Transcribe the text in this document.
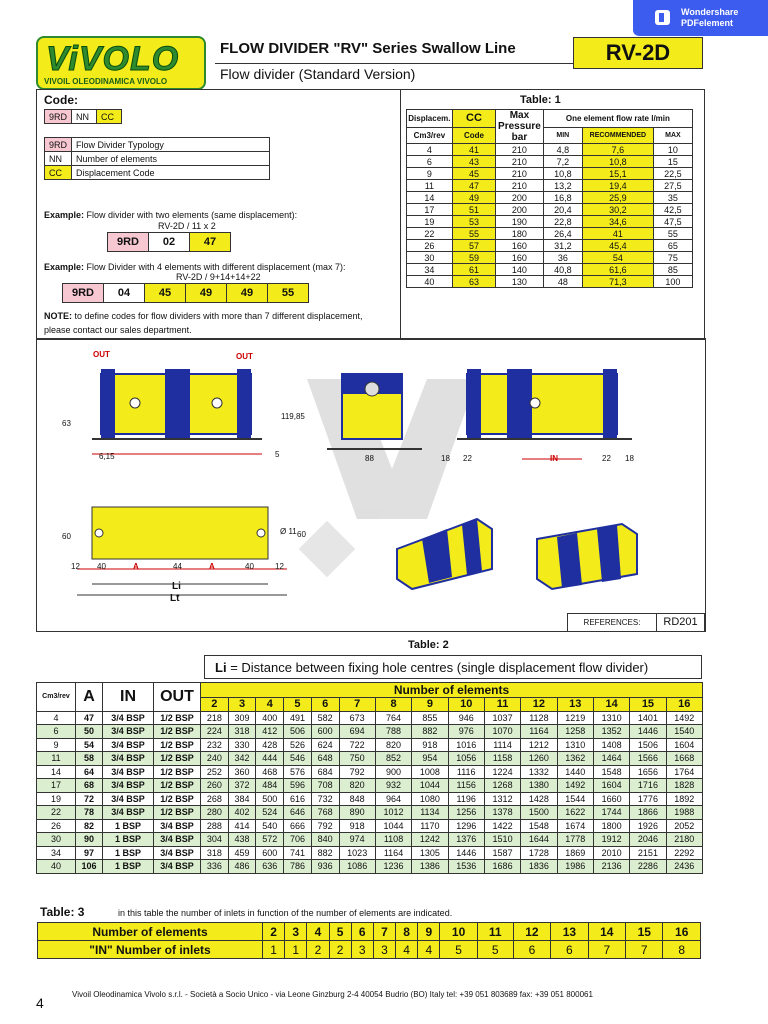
Wondershare
PDFelement
ViVOLO
VIVOIL OLEODINAMICA VIVOLO
FLOW DIVIDER "RV" Series Swallow Line
Flow divider (Standard Version)
RV-2D
Code:
9RD	NN	CC
9RD	Flow Divider Typology
NN	Number of elements
CC	Displacement Code
Example: Flow divider with two elements (same displacement):
RV-2D / 11 x 2
9RD	02	47
Example: Flow Divider with 4 elements with different displacement (max 7):
RV-2D / 9+14+14+22
9RD	04	45	49	49	55
NOTE: to define codes for flow dividers with more than 7 different displacement, please contact our sales department.
Table: 1
Displacem.	CC	Max Pressure bar	One element flow rate l/min		
Cm3/rev	Code		MIN	RECOMMENDED	MAX
4	41	210	4,8	7,6	10
6	43	210	7,2	10,8	15
9	45	210	10,8	15,1	22,5
11	47	210	13,2	19,4	27,5
14	49	200	16,8	25,9	35
17	51	200	20,4	30,2	42,5
19	53	190	22,8	34,6	47,5
22	55	180	26,4	41	55
26	57	160	31,2	45,4	65
30	59	160	36	54	75
34	61	140	40,8	61,6	85
40	63	130	48	71,3	100
OUT	OUT
IN
63
119,85
6,15	5	88	18 22	22 18
60
Ø 11 60
12 40	A	44	A	40	12
Li
Lt
REFERENCES:	RD201
Table: 2
Li = Distance between fixing hole centres (single displacement flow divider)
Cm3/rev	A	IN	OUT	Number of elements														
				2	3	4	5	6	7	8	9	10	11	12	13	14	15	16
4	47	3/4 BSP	1/2 BSP	218	309	400	491	582	673	764	855	946	1037	1128	1219	1310	1401	1492
6	50	3/4 BSP	1/2 BSP	224	318	412	506	600	694	788	882	976	1070	1164	1258	1352	1446	1540
9	54	3/4 BSP	1/2 BSP	232	330	428	526	624	722	820	918	1016	1114	1212	1310	1408	1506	1604
11	58	3/4 BSP	1/2 BSP	240	342	444	546	648	750	852	954	1056	1158	1260	1362	1464	1566	1668
14	64	3/4 BSP	1/2 BSP	252	360	468	576	684	792	900	1008	1116	1224	1332	1440	1548	1656	1764
17	68	3/4 BSP	1/2 BSP	260	372	484	596	708	820	932	1044	1156	1268	1380	1492	1604	1716	1828
19	72	3/4 BSP	1/2 BSP	268	384	500	616	732	848	964	1080	1196	1312	1428	1544	1660	1776	1892
22	78	3/4 BSP	1/2 BSP	280	402	524	646	768	890	1012	1134	1256	1378	1500	1622	1744	1866	1988
26	82	1 BSP	3/4 BSP	288	414	540	666	792	918	1044	1170	1296	1422	1548	1674	1800	1926	2052
30	90	1 BSP	3/4 BSP	304	438	572	706	840	974	1108	1242	1376	1510	1644	1778	1912	2046	2180
34	97	1 BSP	3/4 BSP	318	459	600	741	882	1023	1164	1305	1446	1587	1728	1869	2010	2151	2292
40	106	1 BSP	3/4 BSP	336	486	636	786	936	1086	1236	1386	1536	1686	1836	1986	2136	2286	2436
Table: 3	in this table the number of inlets in function of the number of elements are indicated.
Number of elements	2	3	4	5	6	7	8	9	10	11	12	13	14	15	16
"IN" Number of inlets	1	1	2	2	3	3	4	4	5	5	6	6	7	7	8
4
Vivoil Oleodinamica Vivolo s.r.l. - Società a Socio Unico - via Leone Ginzburg 2-4 40054 Budrio (BO) Italy tel: +39 051 803689 fax: +39 051 800061
